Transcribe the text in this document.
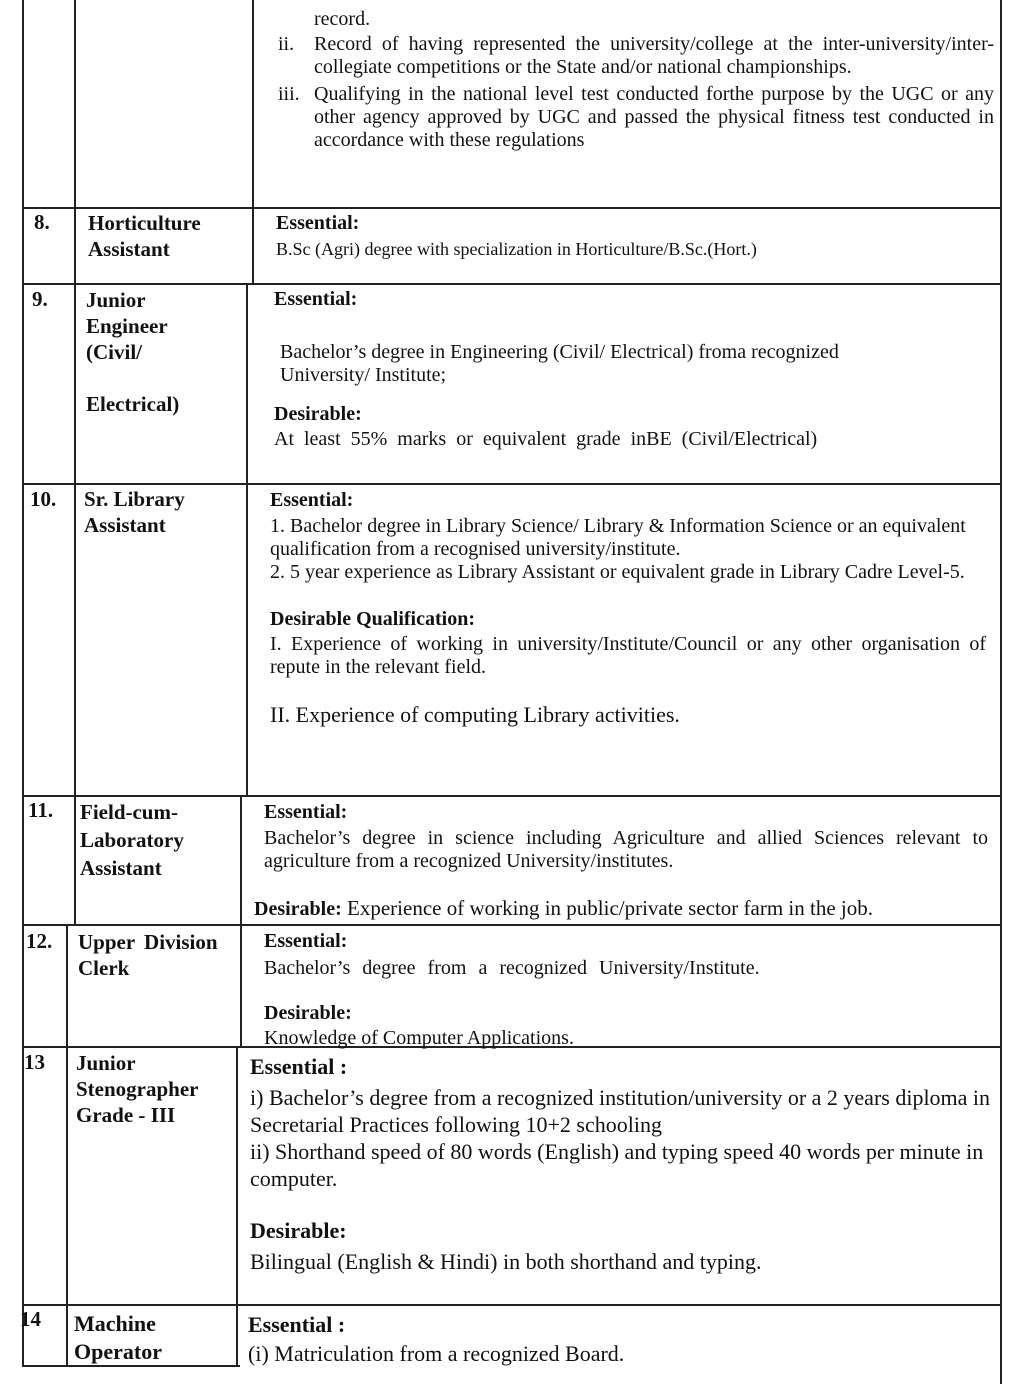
record.
ii. Record of having represented the university/college at the inter-university/inter-collegiate competitions or the State and/or national championships.
iii. Qualifying in the national level test conducted forthe purpose by the UGC or any other agency approved by UGC and passed the physical fitness test conducted in accordance with these regulations
8. Horticulture
Assistant
Essential:
B.Sc (Agri) degree with specialization in Horticulture/B.Sc.(Hort.)
9. Junior
Engineer
(Civil/
Electrical)
Essential:
Bachelor’s degree in Engineering (Civil/ Electrical) froma recognized University/ Institute;
Desirable:
At least 55% marks or equivalent grade inBE (Civil/Electrical)
10. Sr. Library
Assistant
Essential:
1. Bachelor degree in Library Science/ Library & Information Science or an equivalent qualification from a recognised university/institute.
2. 5 year experience as Library Assistant or equivalent grade in Library Cadre Level-5.
Desirable Qualification:
I. Experience of working in university/Institute/Council or any other organisation of repute in the relevant field.
II. Experience of computing Library activities.
11. Field-cum-
Laboratory
Assistant
Essential:
Bachelor’s degree in science including Agriculture and allied Sciences relevant to agriculture from a recognized University/institutes.
Desirable: Experience of working in public/private sector farm in the job.
12. Upper Division
Clerk
Essential:
Bachelor’s degree from a recognized University/Institute.
Desirable:
Knowledge of Computer Applications.
13 Junior
Stenographer
Grade - III
Essential :
i) Bachelor’s degree from a recognized institution/university or a 2 years diploma in Secretarial Practices following 10+2 schooling
ii) Shorthand speed of 80 words (English) and typing speed 40 words per minute in computer.
Desirable:
Bilingual (English & Hindi) in both shorthand and typing.
14 Machine
Operator
Essential :
(i) Matriculation from a recognized Board.
